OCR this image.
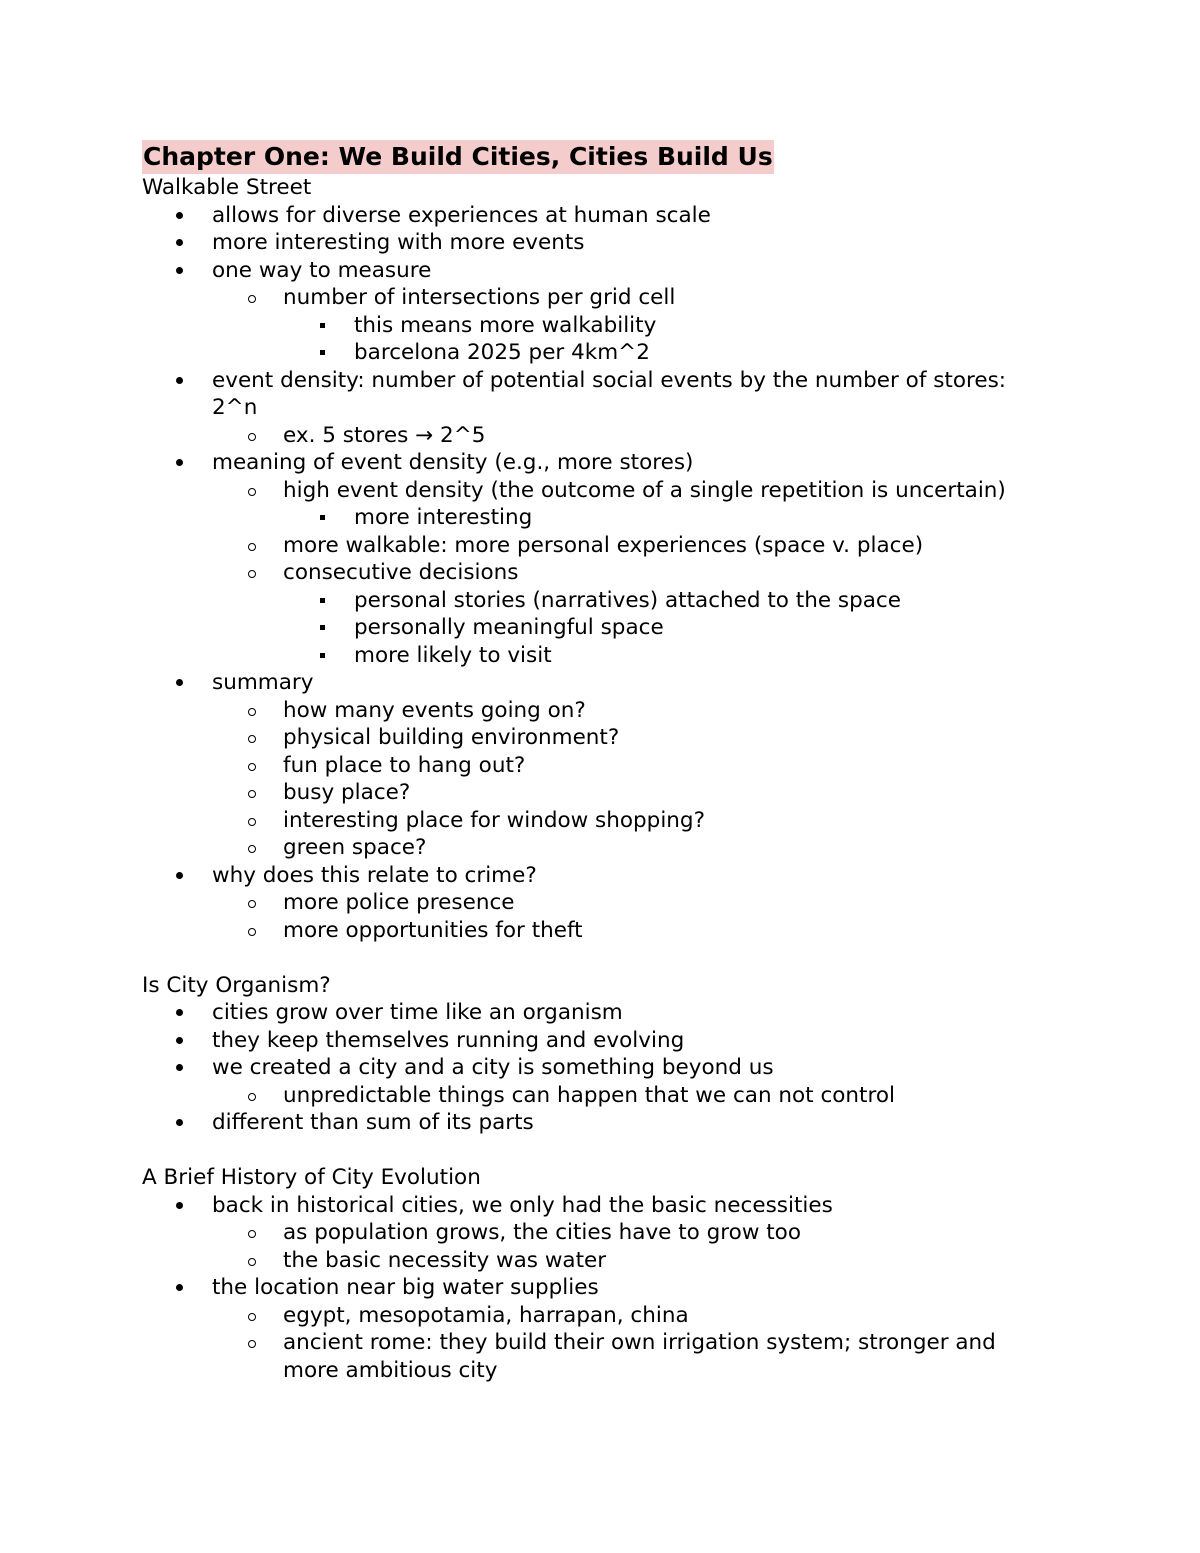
Chapter One: We Build Cities, Cities Build Us
Walkable Street
allows for diverse experiences at human scale
more interesting with more events
one way to measure
number of intersections per grid cell
this means more walkability
barcelona 2025 per 4km^2
event density: number of potential social events by the number of stores: 2^n
ex. 5 stores → 2^5
meaning of event density (e.g., more stores)
high event density (the outcome of a single repetition is uncertain)
more interesting
more walkable: more personal experiences (space v. place)
consecutive decisions
personal stories (narratives) attached to the space
personally meaningful space
more likely to visit
summary
how many events going on?
physical building environment?
fun place to hang out?
busy place?
interesting place for window shopping?
green space?
why does this relate to crime?
more police presence
more opportunities for theft
Is City Organism?
cities grow over time like an organism
they keep themselves running and evolving
we created a city and a city is something beyond us
unpredictable things can happen that we can not control
different than sum of its parts
A Brief History of City Evolution
back in historical cities, we only had the basic necessities
as population grows, the cities have to grow too
the basic necessity was water
the location near big water supplies
egypt, mesopotamia, harrapan, china
ancient rome: they build their own irrigation system; stronger and more ambitious city
